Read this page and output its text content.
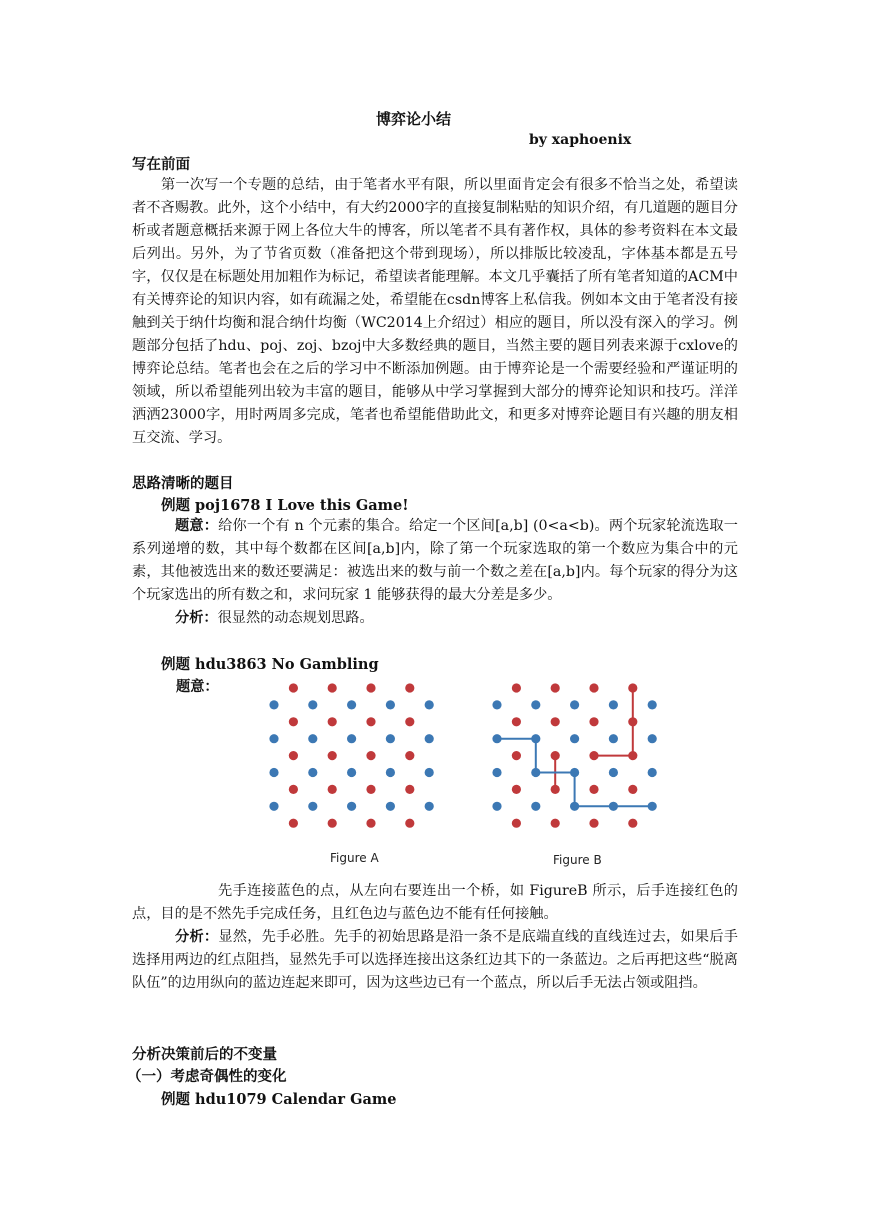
博弈论小结
by xaphoenix
写在前面
第一次写一个专题的总结，由于笔者水平有限，所以里面肯定会有很多不恰当之处，希望读者不吝赐教。此外，这个小结中，有大约2000字的直接复制粘贴的知识介绍，有几道题的题目分析或者题意概括来源于网上各位大牛的博客，所以笔者不具有著作权，具体的参考资料在本文最后列出。另外，为了节省页数（准备把这个带到现场），所以排版比较凌乱，字体基本都是五号字，仅仅是在标题处用加粗作为标记，希望读者能理解。本文几乎囊括了所有笔者知道的ACM中有关博弈论的知识内容，如有疏漏之处，希望能在csdn博客上私信我。例如本文由于笔者没有接触到关于纳什均衡和混合纳什均衡（WC2014上介绍过）相应的题目，所以没有深入的学习。例题部分包括了hdu、poj、zoj、bzoj中大多数经典的题目，当然主要的题目列表来源于cxlove的博弈论总结。笔者也会在之后的学习中不断添加例题。由于博弈论是一个需要经验和严谨证明的领域，所以希望能列出较为丰富的题目，能够从中学习掌握到大部分的博弈论知识和技巧。洋洋洒洒23000字，用时两周多完成，笔者也希望能借助此文，和更多对博弈论题目有兴趣的朋友相互交流、学习。
思路清晰的题目
例题 poj1678 I Love this Game!
题意：给你一个有 n 个元素的集合。给定一个区间[a,b] (0<a<b)。两个玩家轮流选取一系列递增的数，其中每个数都在区间[a,b]内，除了第一个玩家选取的第一个数应为集合中的元素，其他被选出来的数还要满足：被选出来的数与前一个数之差在[a,b]内。每个玩家的得分为这个玩家选出的所有数之和，求问玩家 1 能够获得的最大分差是多少。
分析：很显然的动态规划思路。
例题 hdu3863 No Gambling
题意：
Figure A	Figure B
先手连接蓝色的点，从左向右要连出一个桥，如 FigureB 所示，后手连接红色的点，目的是不然先手完成任务，且红色边与蓝色边不能有任何接触。
分析：显然，先手必胜。先手的初始思路是沿一条不是底端直线的直线连过去，如果后手选择用两边的红点阻挡，显然先手可以选择连接出这条红边其下的一条蓝边。之后再把这些“脱离队伍”的边用纵向的蓝边连起来即可，因为这些边已有一个蓝点，所以后手无法占领或阻挡。
分析决策前后的不变量
（一）考虑奇偶性的变化
例题 hdu1079 Calendar Game
